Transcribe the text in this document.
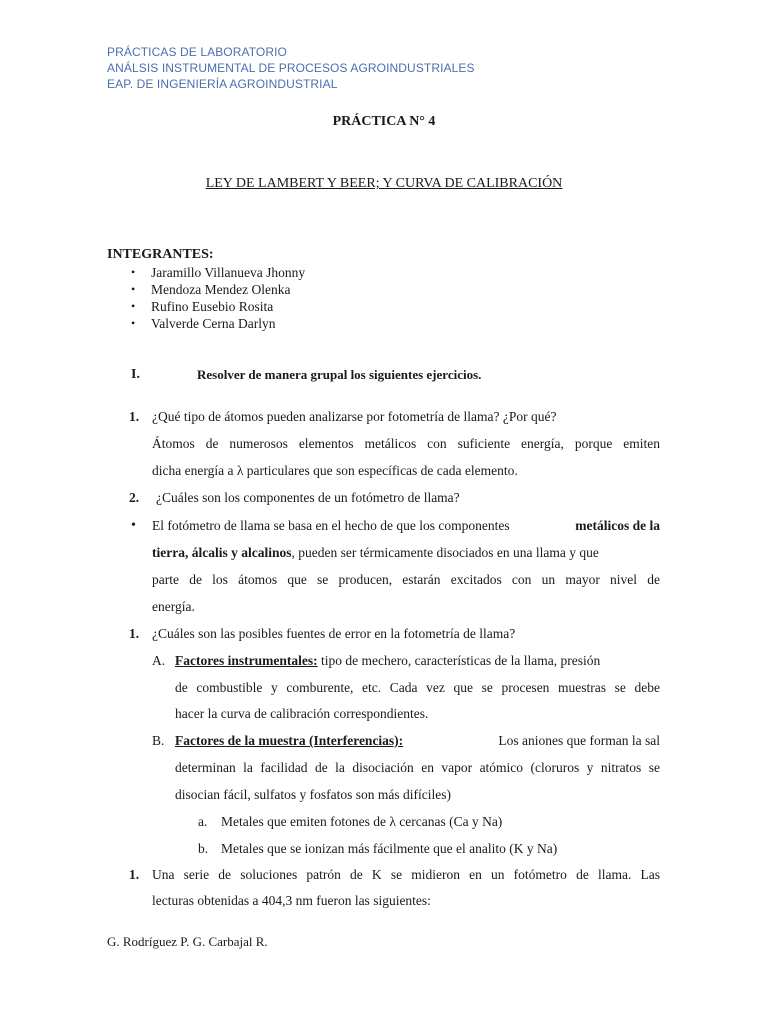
PRÁCTICAS DE LABORATORIO
ANÁLSIS INSTRUMENTAL DE PROCESOS AGROINDUSTRIALES
EAP. DE INGENIERÍA AGROINDUSTRIAL
PRÁCTICA N° 4
LEY DE LAMBERT Y BEER; Y CURVA DE CALIBRACIÓN
INTEGRANTES:
• Jaramillo Villanueva Jhonny
• Mendoza Mendez Olenka
• Rufino Eusebio Rosita
• Valverde Cerna Darlyn
I.	Resolver de manera grupal los siguientes ejercicios.
1. ¿Qué tipo de átomos pueden analizarse por fotometría de llama? ¿Por qué?
Átomos de numerosos elementos metálicos con suficiente energía, porque emiten
dicha energía a λ particulares que son específicas de cada elemento.
2. ¿Cuáles son los componentes de un fotómetro de llama?
• El fotómetro de llama se basa en el hecho de que los componentes	metálicos de la
tierra, álcalis y alcalinos, pueden ser térmicamente disociados en una llama y que
parte de los átomos que se producen, estarán excitados con un mayor nivel de
energía.
1. ¿Cuáles son las posibles fuentes de error en la fotometría de llama?
A. Factores instrumentales: tipo de mechero, características de la llama, presión
de combustible y comburente, etc. Cada vez que se procesen muestras se debe
hacer la curva de calibración correspondientes.
B. Factores de la muestra (Interferencias):	Los aniones que forman la sal
determinan la facilidad de la disociación en vapor atómico (cloruros y nitratos se
disocian fácil, sulfatos y fosfatos son más difíciles)
a. Metales que emiten fotones de λ cercanas (Ca y Na)
b. Metales que se ionizan más fácilmente que el analito (K y Na)
1. Una serie de soluciones patrón de K se midieron en un fotómetro de llama. Las
lecturas obtenidas a 404,3 nm fueron las siguientes:
G. Rodríguez P. G. Carbajal R.
